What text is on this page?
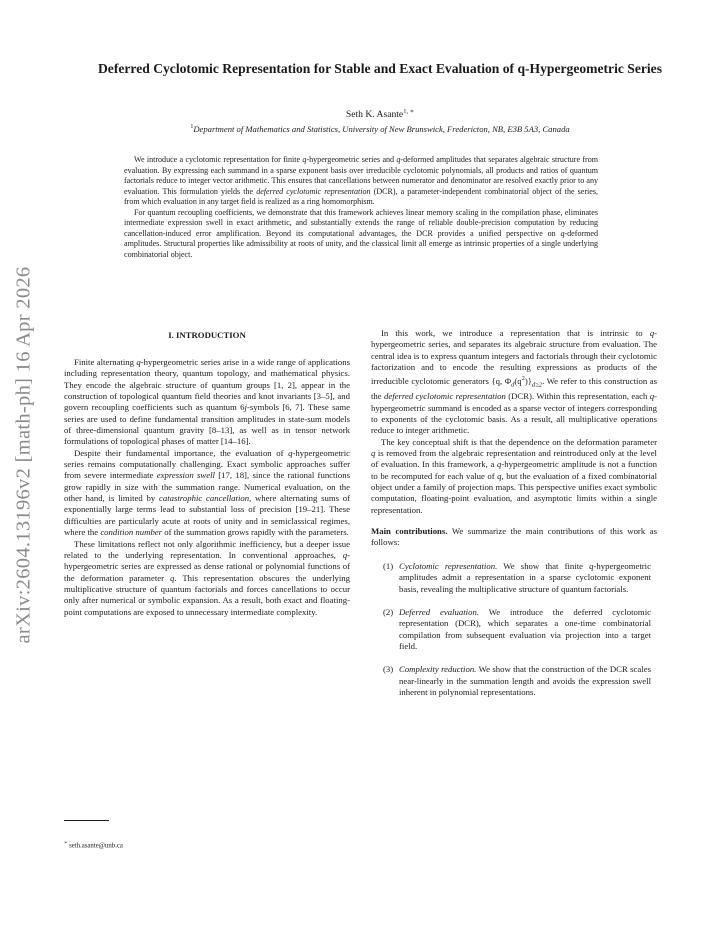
arXiv:2604.13196v2 [math-ph] 16 Apr 2026
Deferred Cyclotomic Representation for Stable and Exact Evaluation of q-Hypergeometric Series
Seth K. Asante$^{1, ∗}$
$^1$Department of Mathematics and Statistics, University of New Brunswick, Fredericton, NB, E3B 5A3, Canada

We introduce a cyclotomic representation for finite q-hypergeometric series and q-deformed amplitudes that separates algebraic structure from evaluation. By expressing each summand in a sparse exponent basis over irreducible cyclotomic polynomials, all products and ratios of quantum factorials reduce to integer vector arithmetic. This ensures that cancellations between numerator and denominator are resolved exactly prior to any evaluation. This formulation yields the deferred cyclotomic representation (DCR), a parameter-independent combinatorial object of the series, from which evaluation in any target field is realized as a ring homomorphism.

For quantum recoupling coefficients, we demonstrate that this framework achieves linear memory scaling in the compilation phase, eliminates intermediate expression swell in exact arithmetic, and substantially extends the range of reliable double-precision computation by reducing cancellation-induced error amplification. Beyond its computational advantages, the DCR provides a unified perspective on q-deformed amplitudes. Structural properties like admissibility at roots of unity, and the classical limit all emerge as intrinsic properties of a single underlying combinatorial object.

I. INTRODUCTION

Finite alternating q-hypergeometric series arise in a wide range of applications including representation theory, quantum topology, and mathematical physics. They encode the algebraic structure of quantum groups [1, 2], appear in the construction of topological quantum field theories and knot invariants [3–5], and govern recoupling coefficients such as quantum 6j-symbols [6, 7]. These same series are used to define fundamental transition amplitudes in state-sum models of three-dimensional quantum gravity [8–13], as well as in tensor network formulations of topological phases of matter [14–16].

Despite their fundamental importance, the evaluation of q-hypergeometric series remains computationally challenging. Exact symbolic approaches suffer from severe intermediate expression swell [17, 18], since the rational functions grow rapidly in size with the summation range. Numerical evaluation, on the other hand, is limited by catastrophic cancellation, where alternating sums of exponentially large terms lead to substantial loss of precision [19–21]. These difficulties are particularly acute at roots of unity and in semiclassical regimes, where the condition number of the summation grows rapidly with the parameters.

These limitations reflect not only algorithmic inefficiency, but a deeper issue related to the underlying representation. In conventional approaches, q-hypergeometric series are expressed as dense rational or polynomial functions of the deformation parameter q. This representation obscures the underlying multiplicative structure of quantum factorials and forces cancellations to occur only after numerical or symbolic expansion. As a result, both exact and floating-point computations are exposed to unnecessary intermediate complexity.

In this work, we introduce a representation that is intrinsic to q-hypergeometric series, and separates its algebraic structure from evaluation. The central idea is to express quantum integers and factorials through their cyclotomic factorization and to encode the resulting expressions as products of the irreducible cyclotomic generators {q, $\Phi_d(q^2)\}_{d\ge 2}$. We refer to this construction as the deferred cyclotomic representation (DCR). Within this representation, each q-hypergeometric summand is encoded as a sparse vector of integers corresponding to exponents of the cyclotomic basis. As a result, all multiplicative operations reduce to integer arithmetic.

The key conceptual shift is that the dependence on the deformation parameter q is removed from the algebraic representation and reintroduced only at the level of evaluation. In this framework, a q-hypergeometric amplitude is not a function to be recomputed for each value of q, but the evaluation of a fixed combinatorial object under a family of projection maps. This perspective unifies exact symbolic computation, floating-point evaluation, and asymptotic limits within a single representation.

Main contributions. We summarize the main contributions of this work as follows:

(1) Cyclotomic representation. We show that finite q-hypergeometric amplitudes admit a representation in a sparse cyclotomic exponent basis, revealing the multiplicative structure of quantum factorials.
(2) Deferred evaluation. We introduce the deferred cyclotomic representation (DCR), which separates a one-time combinatorial compilation from subsequent evaluation via projection into a target field.
(3) Complexity reduction. We show that the construction of the DCR scales near-linearly in the summation length and avoids the expression swell inherent in polynomial representations.
∗ seth.asante@unb.ca
